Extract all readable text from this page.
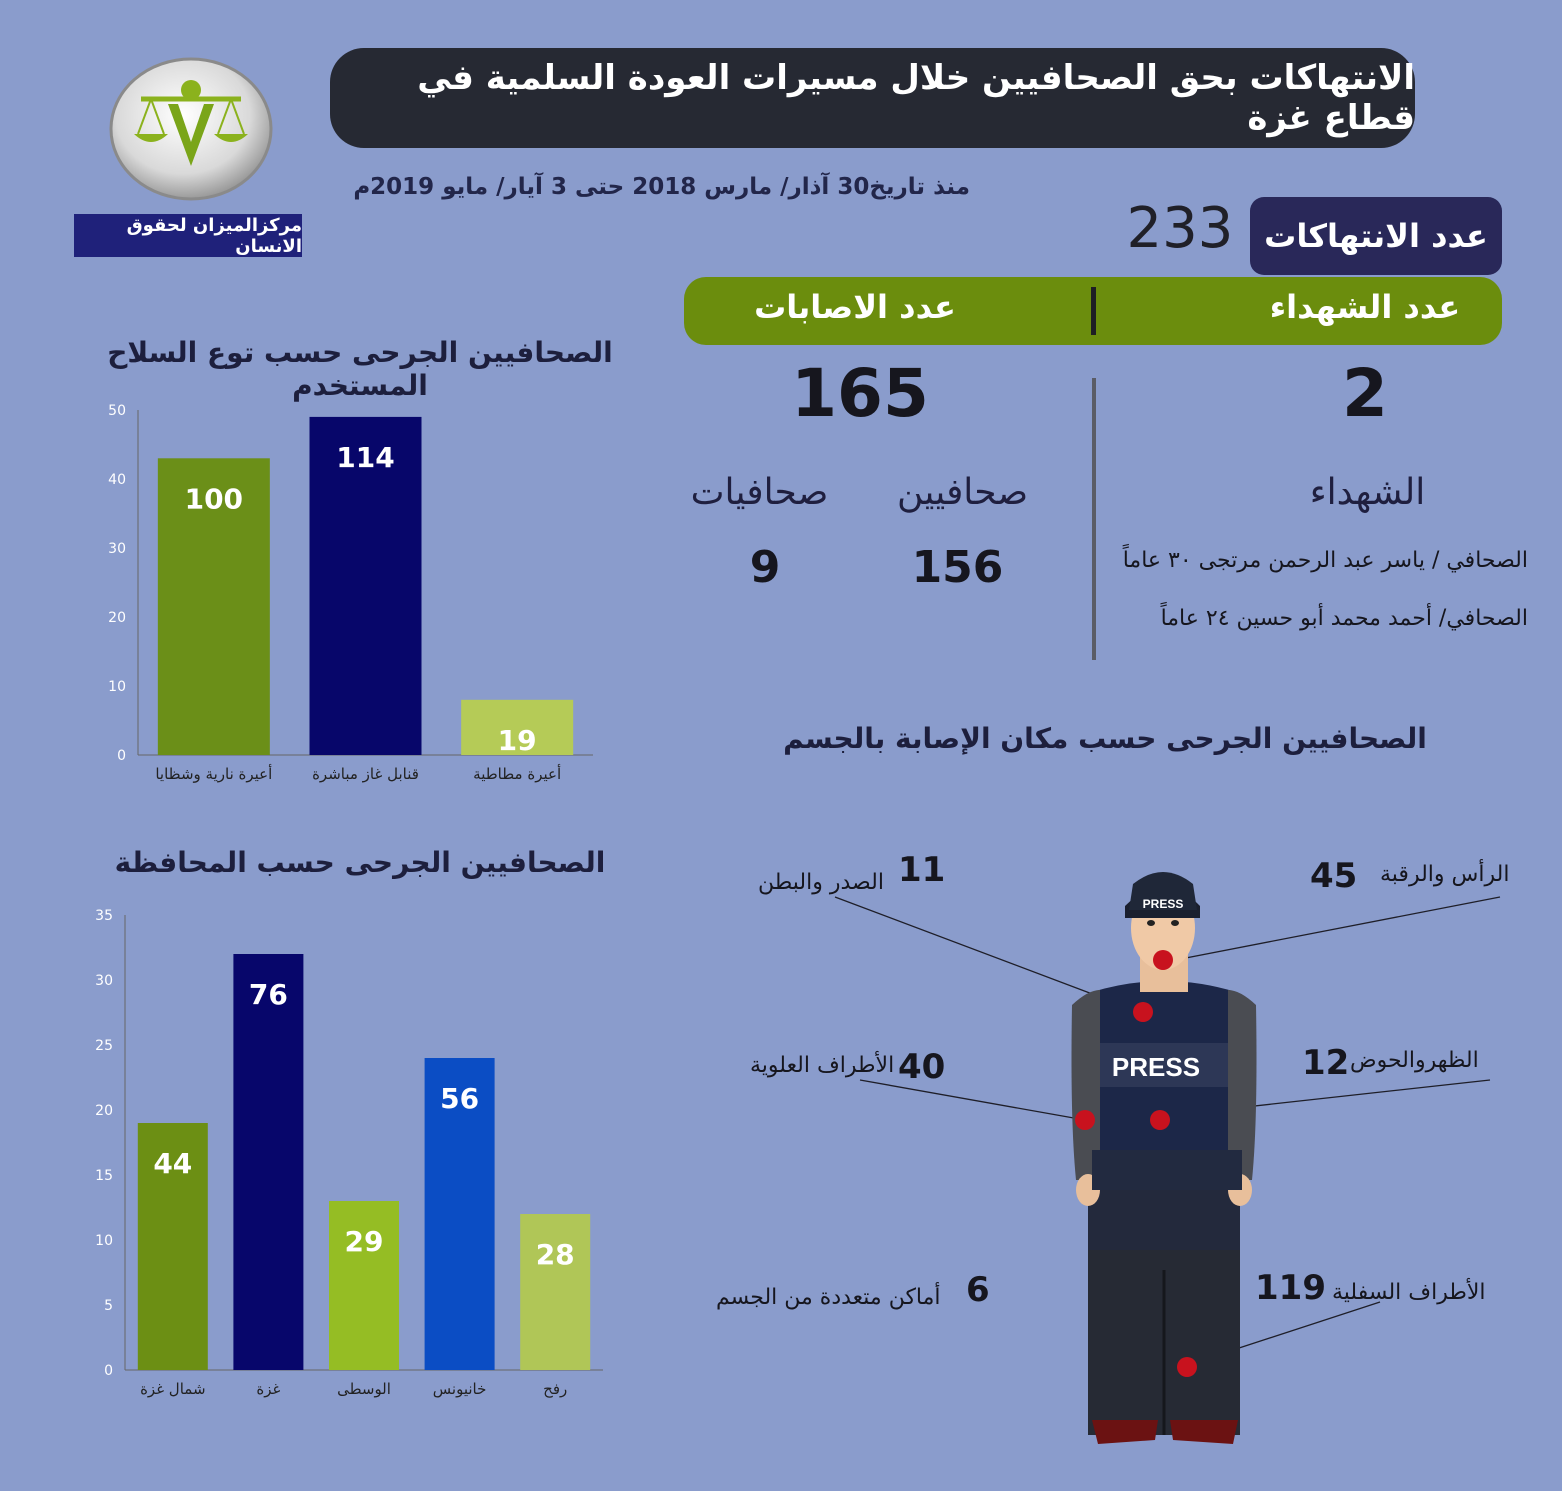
مركزالميزان لحقوق الانسان
الانتهاكات بحق الصحافيين خلال مسيرات العودة السلمية في قطاع غزة
منذ تاريخ30 آذار/ مارس 2018 حتى 3 آيار/ مايو 2019م
عدد الانتهاكات
233
عدد الشهداء
عدد الاصابات
2
165
صحافيين
صحافيات
156
9
الشهداء
الصحافي / ياسر عبد الرحمن مرتجى ٣٠ عاماً
الصحافي/ أحمد محمد أبو حسين ٢٤ عاماً
الصحافيين الجرحى حسب توع السلاح المستخدم
0
10
20
30
40
50
100
أعيرة نارية وشظايا
114
قنابل غاز مباشرة
19
أعيرة مطاطية
الصحافيين الجرحى حسب المحافظة
0
5
10
15
20
25
30
35
44
شمال غزة
76
غزة
29
الوسطى
56
خانيونس
28
رفح
الصحافيين الجرحى حسب مكان الإصابة بالجسم
PRESS
PRESS
الرأس والرقبة
45
الصدر والبطن 11
الظهروالحوض
12
الأطراف العلوية 40
الأطراف السفلية
119
أماكن متعددة من الجسم 6
